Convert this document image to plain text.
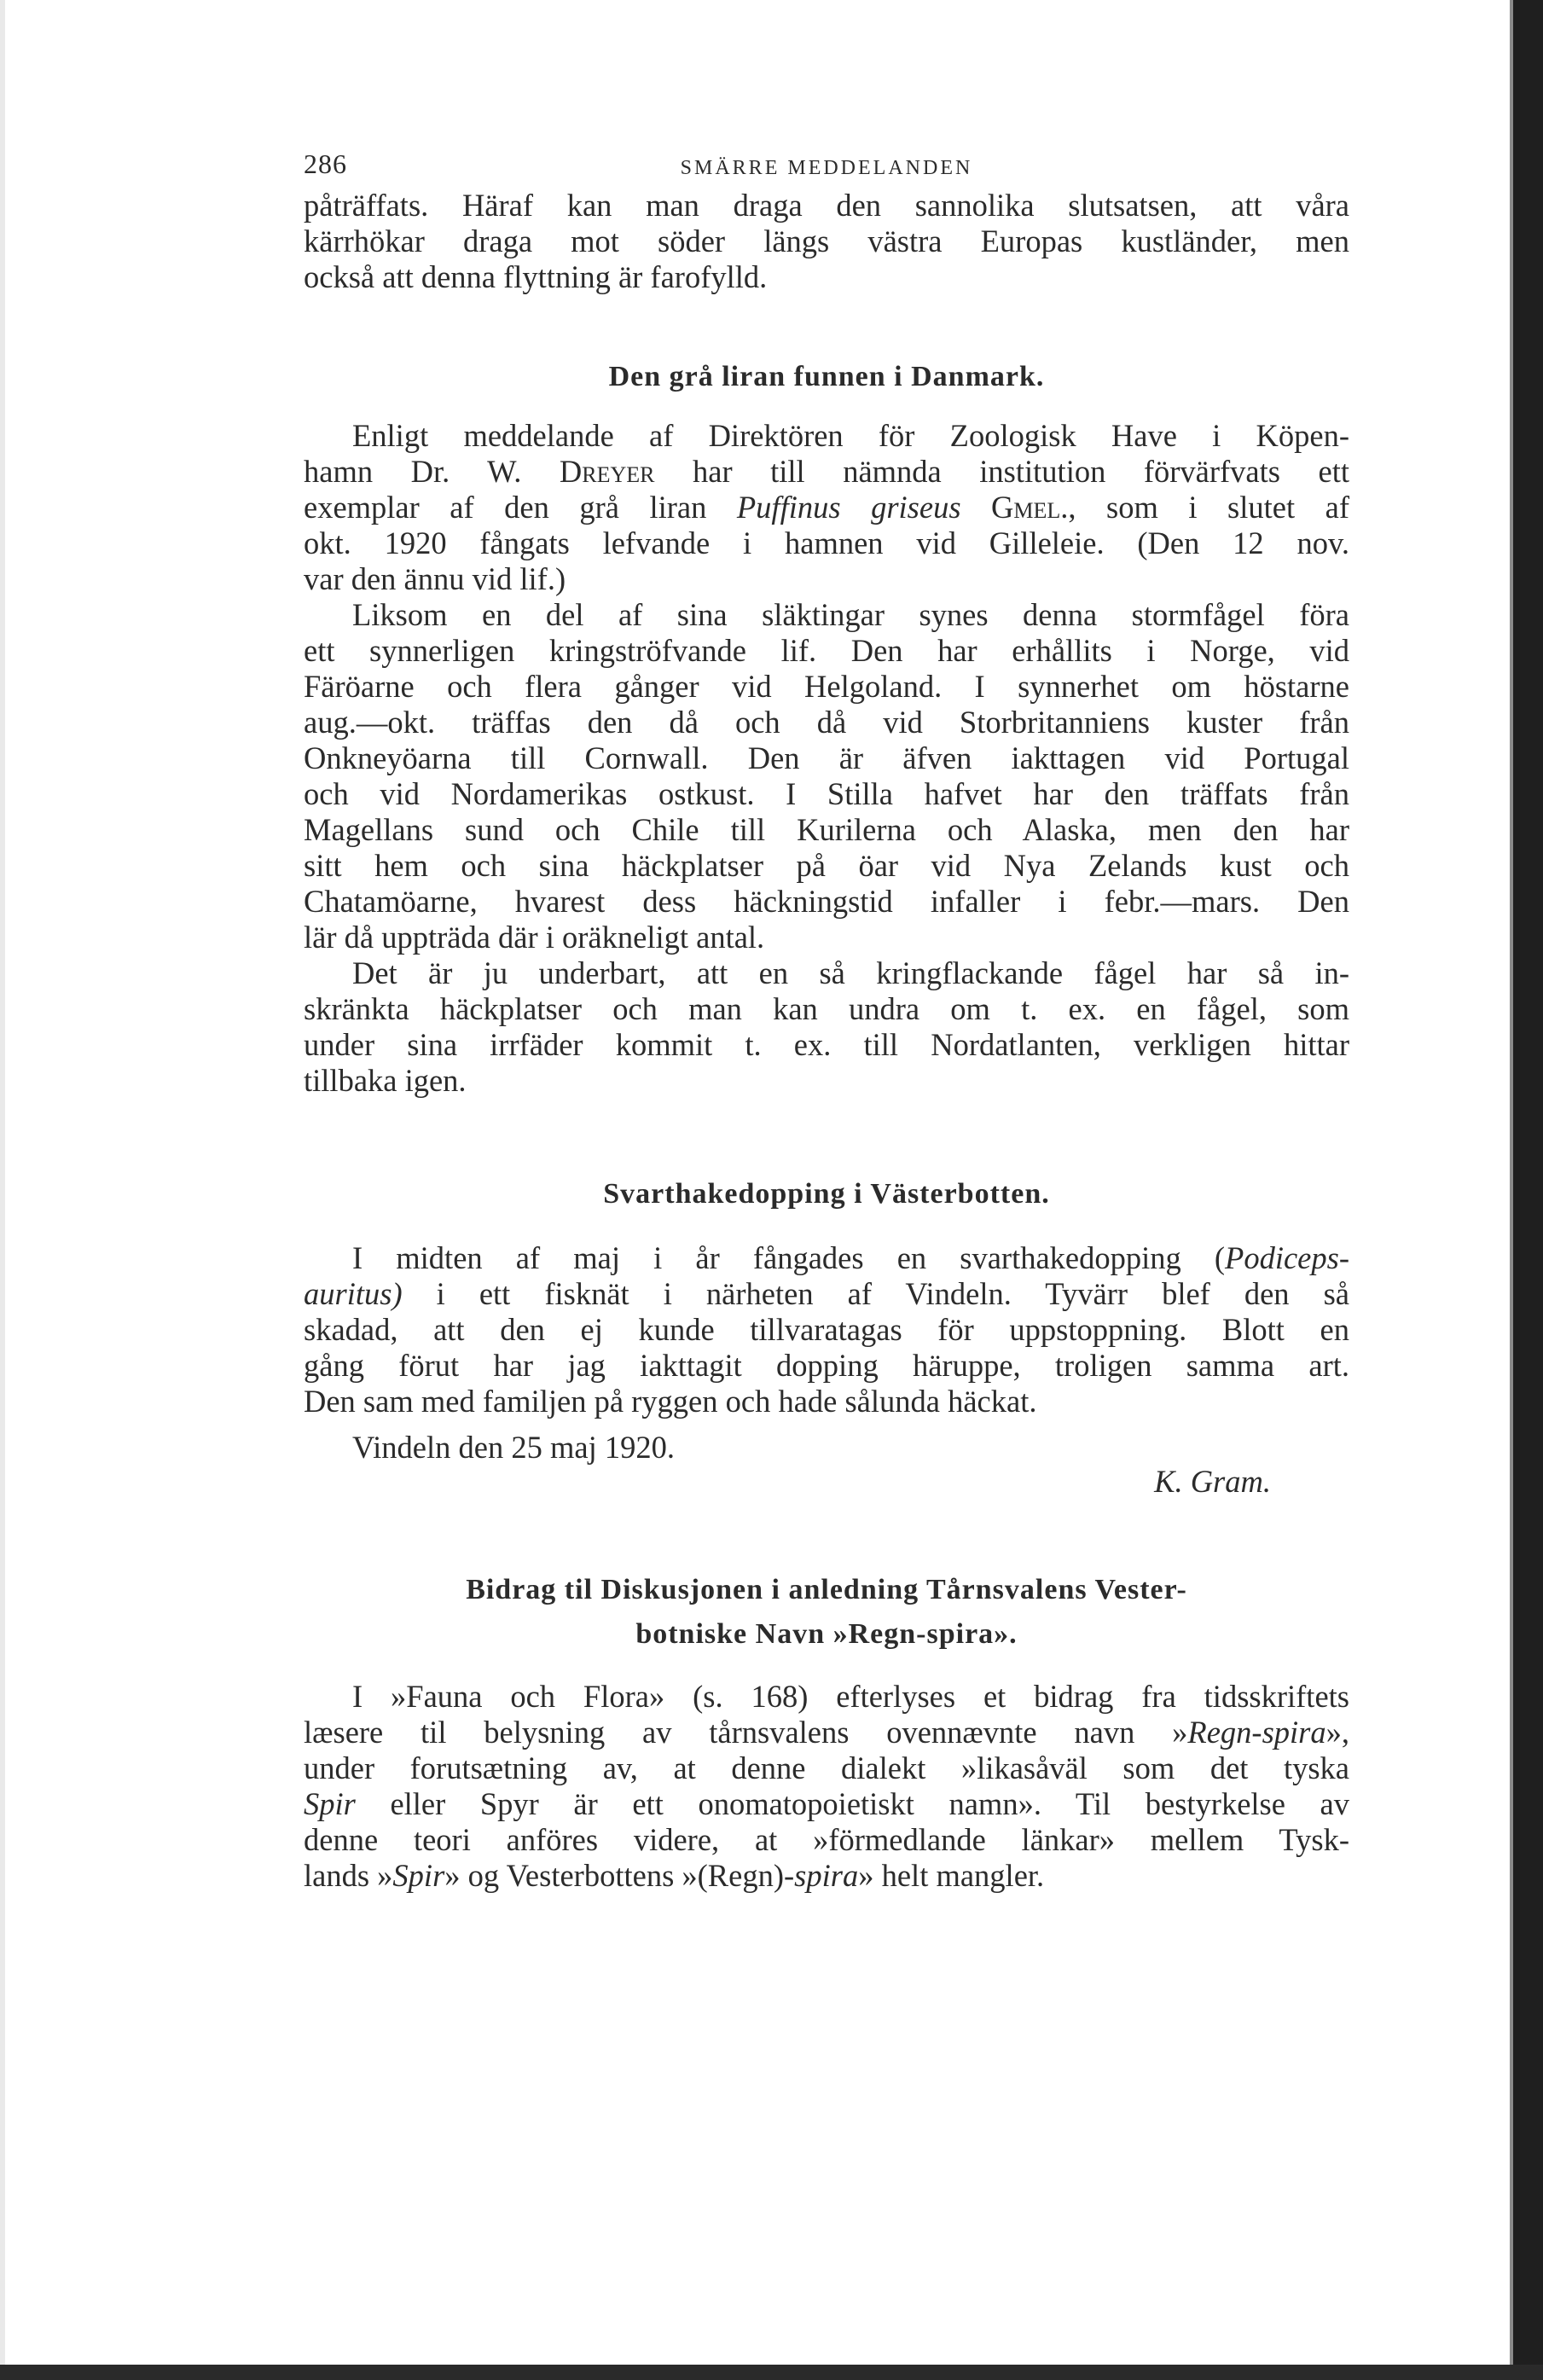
286	SMÄRRE MEDDELANDEN

påträffats. Häraf kan man draga den sannolika slutsatsen, att våra

kärrhökar draga mot söder längs västra Europas kustländer, men

också att denna flyttning är farofylld.

Den grå liran funnen i Danmark.

Enligt meddelande af Direktören för Zoologisk Have i Köpen-

hamn Dr. W. Dreyer har till nämnda institution förvärfvats ett

exemplar af den grå liran Puffinus griseus Gmel., som i slutet af

okt. 1920 fångats lefvande i hamnen vid Gilleleie. (Den 12 nov.

var den ännu vid lif.)

Liksom en del af sina släktingar synes denna stormfågel föra

ett synnerligen kringströfvande lif. Den har erhållits i Norge, vid

Färöarne och flera gånger vid Helgoland. I synnerhet om höstarne

aug.—okt. träffas den då och då vid Storbritanniens kuster från

Onkneyöarna till Cornwall. Den är äfven iakttagen vid Portugal

och vid Nordamerikas ostkust. I Stilla hafvet har den träffats från

Magellans sund och Chile till Kurilerna och Alaska, men den har

sitt hem och sina häckplatser på öar vid Nya Zelands kust och

Chatamöarne, hvarest dess häckningstid infaller i febr.—mars. Den

lär då uppträda där i oräkneligt antal.

Det är ju underbart, att en så kringflackande fågel har så in-

skränkta häckplatser och man kan undra om t. ex. en fågel, som

under sina irrfäder kommit t. ex. till Nordatlanten, verkligen hittar

tillbaka igen.

Svarthakedopping i Västerbotten.

I midten af maj i år fångades en svarthakedopping (Podiceps-

auritus) i ett fisknät i närheten af Vindeln. Tyvärr blef den så

skadad, att den ej kunde tillvaratagas för uppstoppning. Blott en

gång förut har jag iakttagit dopping häruppe, troligen samma art.

Den sam med familjen på ryggen och hade sålunda häckat.

Vindeln den 25 maj 1920.
K. Gram.
Bidrag til Diskusjonen i anledning Tårnsvalens Vester-
botniske Navn »Regn-spira».

I »Fauna och Flora» (s. 168) efterlyses et bidrag fra tidsskriftets

læsere til belysning av tårnsvalens ovennævnte navn »Regn-spira»,

under forutsætning av, at denne dialekt »likasåväl som det tyska

Spir eller Spyr är ett onomatopoietiskt namn». Til bestyrkelse av

denne teori anföres videre, at »förmedlande länkar» mellem Tysk-

lands »Spir» og Vesterbottens »(Regn)-spira» helt mangler.
